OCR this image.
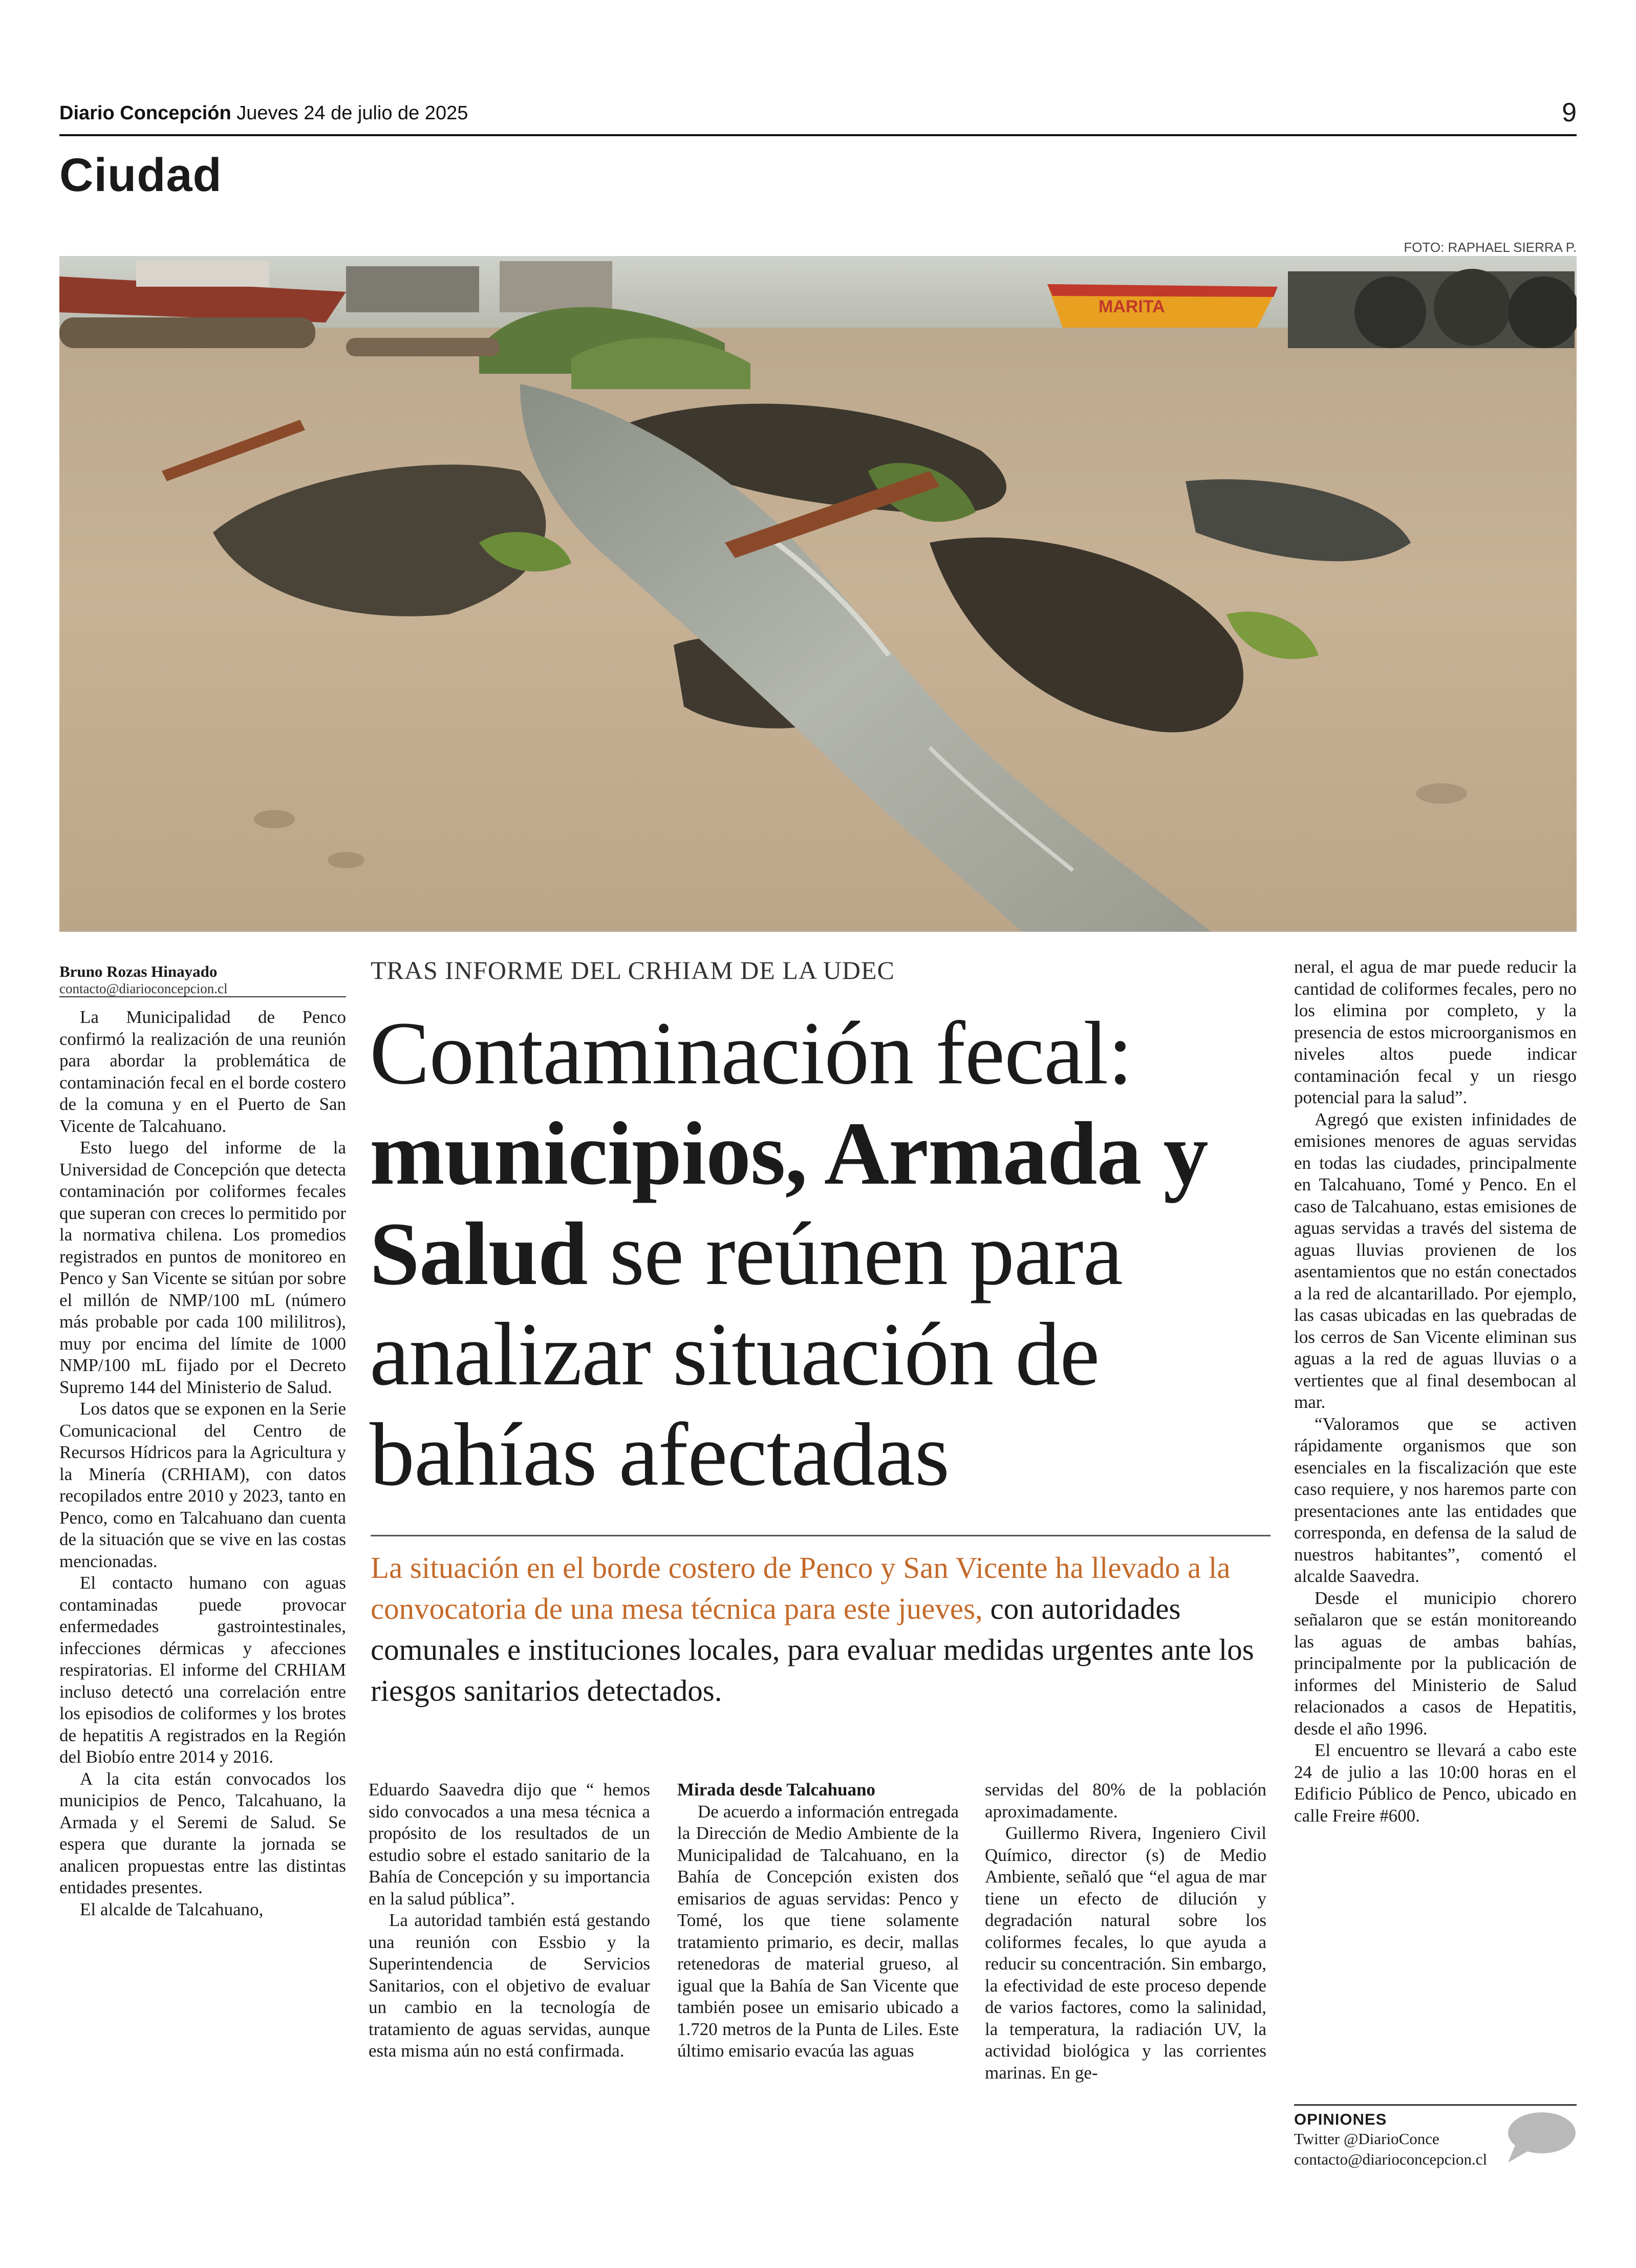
Diario Concepción Jueves 24 de julio de 2025	9
Ciudad
FOTO: RAPHAEL SIERRA P.
MARITA
Bruno Rozas Hinayado
contacto@diarioconcepcion.cl

La Municipalidad de Penco confirmó la realización de una reunión para abordar la problemática de contaminación fecal en el borde costero de la comuna y en el Puerto de San Vicente de Talcahuano.

Esto luego del informe de la Universidad de Concepción que detecta contaminación por coliformes fecales que superan con creces lo permitido por la normativa chilena. Los promedios registrados en puntos de monitoreo en Penco y San Vicente se sitúan por sobre el millón de NMP/100 mL (número más probable por cada 100 mililitros), muy por encima del límite de 1000 NMP/100 mL fijado por el Decreto Supremo 144 del Ministerio de Salud.

Los datos que se exponen en la Serie Comunicacional del Centro de Recursos Hídricos para la Agricultura y la Minería (CRHIAM), con datos recopilados entre 2010 y 2023, tanto en Penco, como en Talcahuano dan cuenta de la situación que se vive en las costas mencionadas.

El contacto humano con aguas contaminadas puede provocar enfermedades gastrointestinales, infecciones dérmicas y afecciones respiratorias. El informe del CRHIAM incluso detectó una correlación entre los episodios de coliformes y los brotes de hepatitis A registrados en la Región del Biobío entre 2014 y 2016.

A la cita están convocados los municipios de Penco, Talcahuano, la Armada y el Seremi de Salud. Se espera que durante la jornada se analicen propuestas entre las distintas entidades presentes.

El alcalde de Talcahuano,

TRAS INFORME DEL CRHIAM DE LA UDEC
Contaminación fecal: municipios, Armada y Salud se reúnen para analizar situación de bahías afectadas

La situación en el borde costero de Penco y San Vicente ha llevado a la convocatoria de una mesa técnica para este jueves, con autoridades comunales e instituciones locales, para evaluar medidas urgentes ante los riesgos sanitarios detectados.

Eduardo Saavedra dijo que “ hemos sido convocados a una mesa técnica a propósito de los resultados de un estudio sobre el estado sanitario de la Bahía de Concepción y su importancia en la salud pública”.

La autoridad también está gestando una reunión con Essbio y la Superintendencia de Servicios Sanitarios, con el objetivo de evaluar un cambio en la tecnología de tratamiento de aguas servidas, aunque esta misma aún no está confirmada.

Mirada desde Talcahuano

De acuerdo a información entregada la Dirección de Medio Ambiente de la Municipalidad de Talcahuano, en la Bahía de Concepción existen dos emisarios de aguas servidas: Penco y Tomé, los que tiene solamente tratamiento primario, es decir, mallas retenedoras de material grueso, al igual que la Bahía de San Vicente que también posee un emisario ubicado a 1.720 metros de la Punta de Liles. Este último emisario evacúa las aguas

servidas del 80% de la población aproximadamente.

Guillermo Rivera, Ingeniero Civil Químico, director (s) de Medio Ambiente, señaló que “el agua de mar tiene un efecto de dilución y degradación natural sobre los coliformes fecales, lo que ayuda a reducir su concentración. Sin embargo, la efectividad de este proceso depende de varios factores, como la salinidad, la temperatura, la radiación UV, la actividad biológica y las corrientes marinas. En ge-

neral, el agua de mar puede reducir la cantidad de coliformes fecales, pero no los elimina por completo, y la presencia de estos microorganismos en niveles altos puede indicar contaminación fecal y un riesgo potencial para la salud”.

Agregó que existen infinidades de emisiones menores de aguas servidas en todas las ciudades, principalmente en Talcahuano, Tomé y Penco. En el caso de Talcahuano, estas emisiones de aguas servidas a través del sistema de aguas lluvias provienen de los asentamientos que no están conectados a la red de alcantarillado. Por ejemplo, las casas ubicadas en las quebradas de los cerros de San Vicente eliminan sus aguas a la red de aguas lluvias o a vertientes que al final desembocan al mar.

“Valoramos que se activen rápidamente organismos que son esenciales en la fiscalización que este caso requiere, y nos haremos parte con presentaciones ante las entidades que corresponda, en defensa de la salud de nuestros habitantes”, comentó el alcalde Saavedra.

Desde el municipio chorero señalaron que se están monitoreando las aguas de ambas bahías, principalmente por la publicación de informes del Ministerio de Salud relacionados a casos de Hepatitis, desde el año 1996.

El encuentro se llevará a cabo este 24 de julio a las 10:00 horas en el Edificio Público de Penco, ubicado en calle Freire #600.

OPINIONES
Twitter @DiarioConce
contacto@diarioconcepcion.cl
